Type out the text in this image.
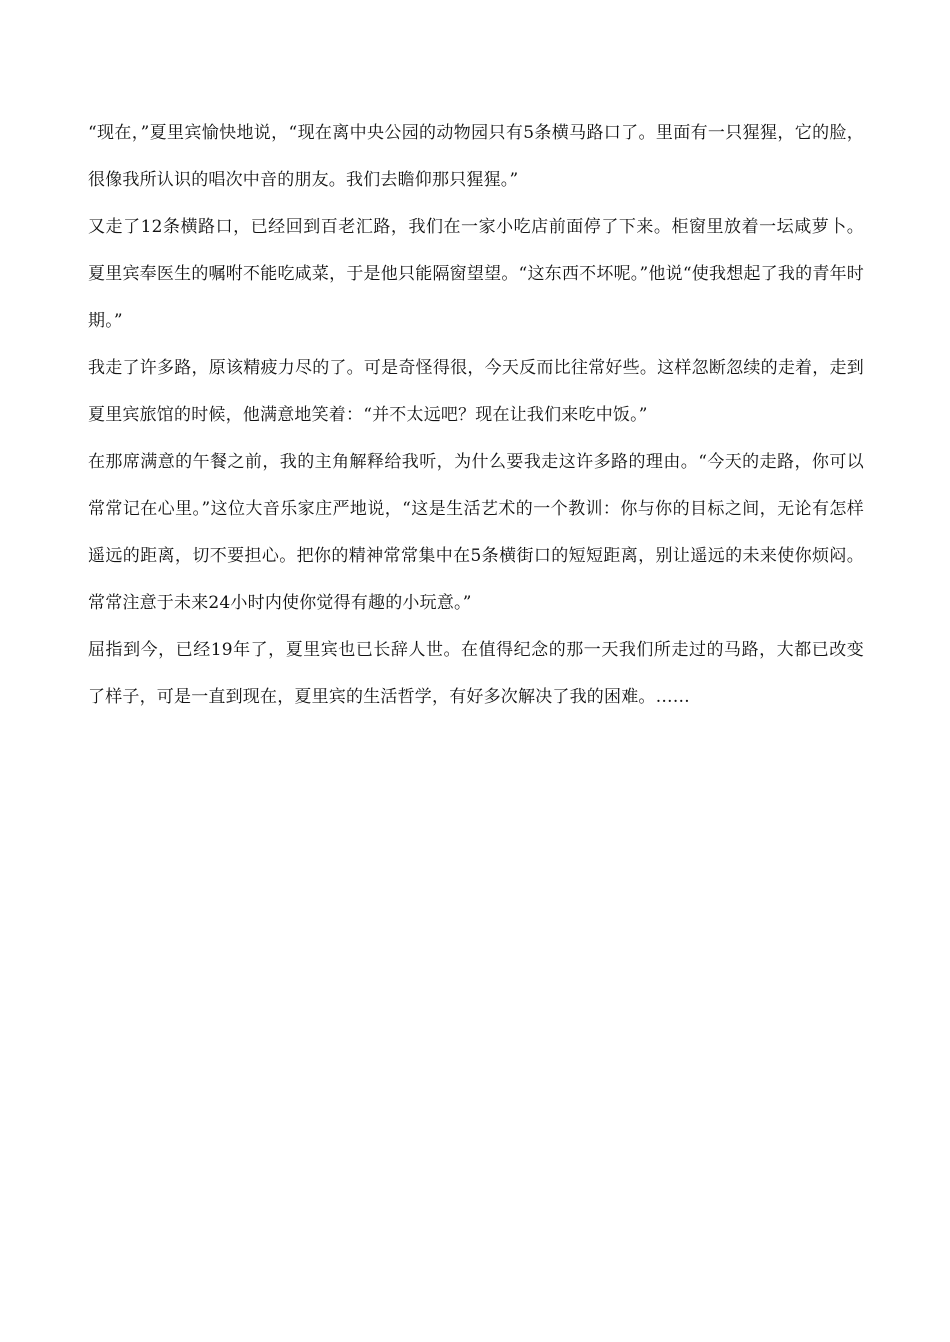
“现在，”夏里宾愉快地说，“现在离中央公园的动物园只有5条横马路口了。里面有一只猩猩，它的脸，很像我所认识的唱次中音的朋友。我们去瞻仰那只猩猩。”

又走了12条横路口，已经回到百老汇路，我们在一家小吃店前面停了下来。柜窗里放着一坛咸萝卜。夏里宾奉医生的嘱咐不能吃咸菜，于是他只能隔窗望望。“这东西不坏呢。”他说“使我想起了我的青年时期。”

我走了许多路，原该精疲力尽的了。可是奇怪得很，今天反而比往常好些。这样忽断忽续的走着，走到夏里宾旅馆的时候，他满意地笑着：“并不太远吧？现在让我们来吃中饭。”

在那席满意的午餐之前，我的主角解释给我听，为什么要我走这许多路的理由。“今天的走路，你可以常常记在心里。”这位大音乐家庄严地说，“这是生活艺术的一个教训：你与你的目标之间，无论有怎样遥远的距离，切不要担心。把你的精神常常集中在5条横街口的短短距离，别让遥远的未来使你烦闷。常常注意于未来24小时内使你觉得有趣的小玩意。”

屈指到今，已经19年了，夏里宾也已长辞人世。在值得纪念的那一天我们所走过的马路，大都已改变了样子，可是一直到现在，夏里宾的生活哲学，有好多次解决了我的困难。……
